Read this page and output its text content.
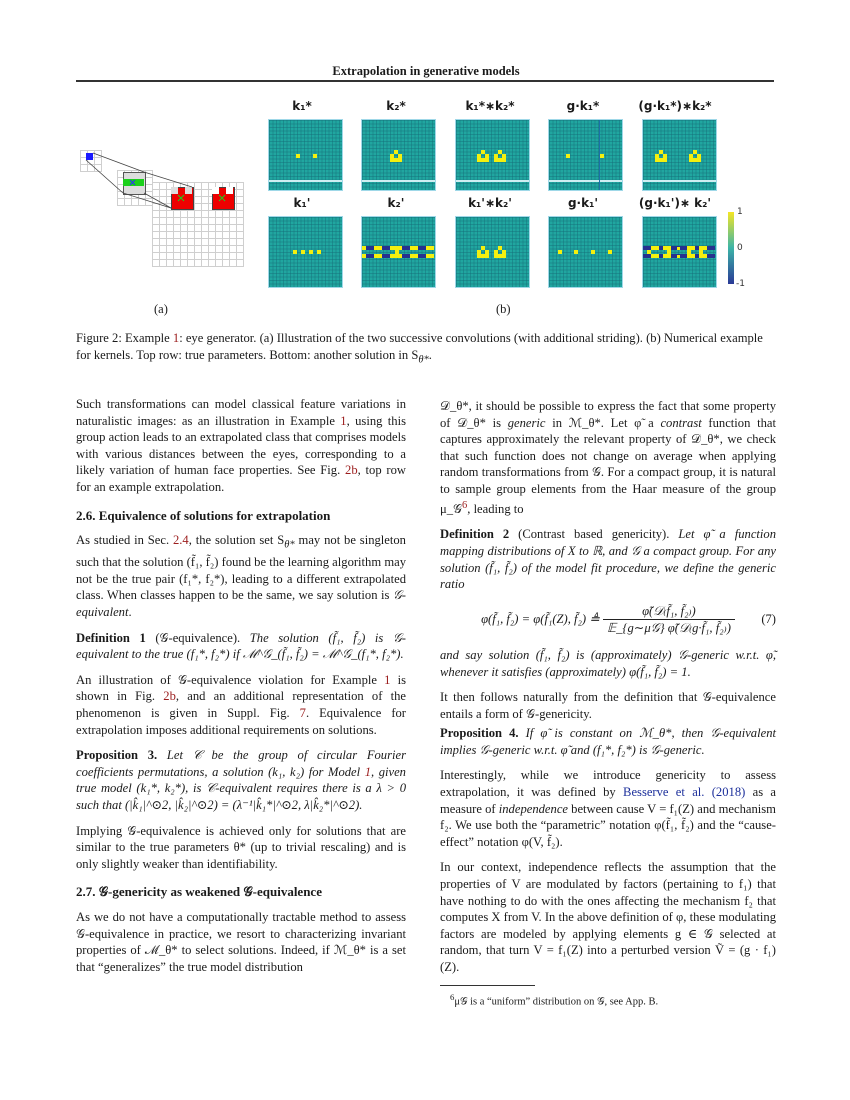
Extrapolation in generative models
(a)
k₁*	k₂*	k₁*∗k₂*	g·k₁*	(g·k₁*)∗k₂*
k₁'	k₂'	k₁'∗k₂'	g·k₁'	(g·k₁')∗ k₂'
1
0
-1
(b)
Figure 2: Example 1: eye generator. (a) Illustration of the two successive convolutions (with additional striding). (b) Numerical example for kernels. Top row: true parameters. Bottom: another solution in $S_{\theta*}$.

Such transformations can model classical feature variations in naturalistic images: as an illustration in Example 1, using this group action leads to an extrapolated class that comprises models with various distances between the eyes, corresponding to a likely variation of human face properties. See Fig. 2b, top row for an example extrapolation.

2.6. Equivalence of solutions for extrapolation

As studied in Sec. 2.4, the solution set $S_{\theta*}$ may not be singleton such that the solution (f̃₁, f̃₂) found be the learning algorithm may not be the true pair (f₁*, f₂*), leading to a different extrapolated class. When classes happen to be the same, we say solution is 𝒢-equivalent.

Definition 1 (𝒢-equivalence). The solution (f̃₁, f̃₂) is 𝒢-equivalent to the true (f₁*, f₂*) if ℳ^𝒢_(f̃₁, f̃₂) = ℳ^𝒢_(f₁*, f₂*).

An illustration of 𝒢-equivalence violation for Example 1 is shown in Fig. 2b, and an additional representation of the phenomenon is given in Suppl. Fig. 7. Equivalence for extrapolation imposes additional requirements on solutions.

Proposition 3. Let 𝒞 be the group of circular Fourier coefficients permutations, a solution (k₁, k₂) for Model 1, given true model (k₁*, k₂*), is 𝒞-equivalent requires there is a λ > 0 such that (|k̂₁|^⊙2, |k̂₂|^⊙2) = (λ⁻¹|k̂₁*|^⊙2, λ|k̂₂*|^⊙2).

Implying 𝒢-equivalence is achieved only for solutions that are similar to the true parameters θ* (up to trivial rescaling) and is only slightly weaker than identifiability.

2.7. 𝒢-genericity as weakened 𝒢-equivalence

As we do not have a computationally tractable method to assess 𝒢-equivalence in practice, we resort to characterizing invariant properties of ℳ_θ* to select solutions. Indeed, if ℳ_θ* is a set that “generalizes” the true model distribution

𝒟_θ*, it should be possible to express the fact that some property of 𝒟_θ* is generic in ℳ_θ*. Let φ̃ a contrast function that captures approximately the relevant property of 𝒟_θ*, we check that such function does not change on average when applying random transformations from 𝒢. For a compact group, it is natural to sample group elements from the Haar measure of the group μ_𝒢$^6$, leading to

Definition 2 (Contrast based genericity). Let φ̃ a function mapping distributions of X to ℝ, and 𝒢 a compact group. For any solution (f̃₁, f̃₂) of the model fit procedure, we define the generic ratio

φ(f̃₁, f̃₂) = φ(f̃₁(Z), f̃₂) ≜ $\frac{\text{φ̃(𝒟₍f̃₁, f̃₂₎)}}{\text{𝔼\_\{g∼μ𝒢\} φ̃(𝒟₍g·f̃₁, f̃₂₎)}} (7)$

and say solution (f̃₁, f̃₂) is (approximately) 𝒢-generic w.r.t. φ̃, whenever it satisfies (approximately) φ(f̃₁, f̃₂) = 1.

It then follows naturally from the definition that 𝒢-equivalence entails a form of 𝒢-genericity.

Proposition 4. If φ̃ is constant on ℳ_θ*, then 𝒢-equivalent implies 𝒢-generic w.r.t. φ̃ and (f₁*, f₂*) is 𝒢-generic.

Interestingly, while we introduce genericity to assess extrapolation, it was defined by Besserve et al. (2018) as a measure of independence between cause V = f₁(Z) and mechanism f₂. We use both the “parametric” notation φ(f̃₁, f̃₂) and the “cause-effect” notation φ(V, f̃₂).

In our context, independence reflects the assumption that the properties of V are modulated by factors (pertaining to f₁) that have nothing to do with the ones affecting the mechanism f₂ that computes X from V. In the above definition of φ, these modulating factors are modeled by applying elements g ∈ 𝒢 selected at random, that turn V = f₁(Z) into a perturbed version Ṽ = (g · f₁)(Z).

$^6$μ𝒢 is a “uniform” distribution on 𝒢, see App. B.
